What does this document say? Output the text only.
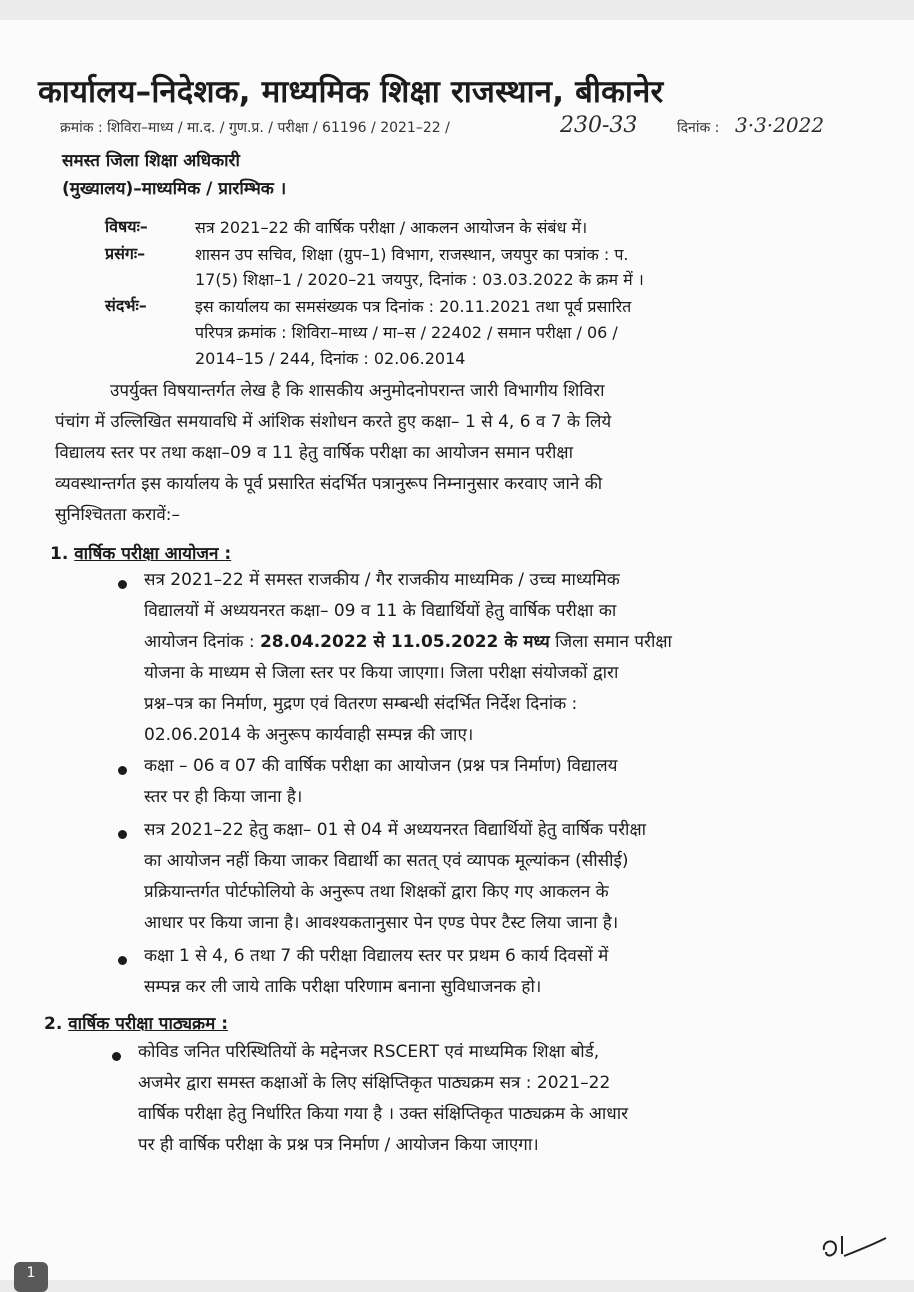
कार्यालय–निदेशक, माध्यमिक शिक्षा राजस्थान, बीकानेर
क्रमांक : शिविरा–माध्य / मा.द. / गुण.प्र. / परीक्षा / 61196 / 2021–22 /	230-33	दिनांक : 3·3·2022
समस्त जिला शिक्षा अधिकारी
(मुख्यालय)–माध्यमिक / प्रारम्भिक ।
विषयः–	सत्र 2021–22 की वार्षिक परीक्षा / आकलन आयोजन के संबंध में।
प्रसंगः–	शासन उप सचिव, शिक्षा (ग्रुप–1) विभाग, राजस्थान, जयपुर का पत्रांक : प.
17(5) शिक्षा–1 / 2020–21 जयपुर, दिनांक : 03.03.2022 के क्रम में ।
संदर्भः–	इस कार्यालय का समसंख्यक पत्र दिनांक : 20.11.2021 तथा पूर्व प्रसारित
परिपत्र क्रमांक : शिविरा–माध्य / मा–स / 22402 / समान परीक्षा / 06 /
2014–15 / 244, दिनांक : 02.06.2014
उपर्युक्त विषयान्तर्गत लेख है कि शासकीय अनुमोदनोपरान्त जारी विभागीय शिविरा
पंचांग में उल्लिखित समयावधि में आंशिक संशोधन करते हुए कक्षा– 1 से 4, 6 व 7 के लिये
विद्यालय स्तर पर तथा कक्षा–09 व 11 हेतु वार्षिक परीक्षा का आयोजन समान परीक्षा
व्यवस्थान्तर्गत इस कार्यालय के पूर्व प्रसारित संदर्भित पत्रानुरूप निम्नानुसार करवाए जाने की
सुनिश्चितता करावें:–
1. वार्षिक परीक्षा आयोजन :
सत्र 2021–22 में समस्त राजकीय / गैर राजकीय माध्यमिक / उच्च माध्यमिक
विद्यालयों में अध्ययनरत कक्षा– 09 व 11 के विद्यार्थियों हेतु वार्षिक परीक्षा का
आयोजन दिनांक : 28.04.2022 से 11.05.2022 के मध्य जिला समान परीक्षा
योजना के माध्यम से जिला स्तर पर किया जाएगा। जिला परीक्षा संयोजकों द्वारा
प्रश्न–पत्र का निर्माण, मुद्रण एवं वितरण सम्बन्धी संदर्भित निर्देश दिनांक :
02.06.2014 के अनुरूप कार्यवाही सम्पन्न की जाए।
कक्षा – 06 व 07 की वार्षिक परीक्षा का आयोजन (प्रश्न पत्र निर्माण) विद्यालय
स्तर पर ही किया जाना है।
सत्र 2021–22 हेतु कक्षा– 01 से 04 में अध्ययनरत विद्यार्थियों हेतु वार्षिक परीक्षा
का आयोजन नहीं किया जाकर विद्यार्थी का सतत् एवं व्यापक मूल्यांकन (सीसीई)
प्रक्रियान्तर्गत पोर्टफोलियो के अनुरूप तथा शिक्षकों द्वारा किए गए आकलन के
आधार पर किया जाना है। आवश्यकतानुसार पेन एण्ड पेपर टैस्ट लिया जाना है।
कक्षा 1 से 4, 6 तथा 7 की परीक्षा विद्यालय स्तर पर प्रथम 6 कार्य दिवसों में
सम्पन्न कर ली जाये ताकि परीक्षा परिणाम बनाना सुविधाजनक हो।
2. वार्षिक परीक्षा पाठ्यक्रम :
कोविड जनित परिस्थितियों के मद्देनजर RSCERT एवं माध्यमिक शिक्षा बोर्ड,
अजमेर द्वारा समस्त कक्षाओं के लिए संक्षिप्तिकृत पाठ्यक्रम सत्र : 2021–22
वार्षिक परीक्षा हेतु निर्धारित किया गया है । उक्त संक्षिप्तिकृत पाठ्यक्रम के आधार
पर ही वार्षिक परीक्षा के प्रश्न पत्र निर्माण / आयोजन किया जाएगा।
1
